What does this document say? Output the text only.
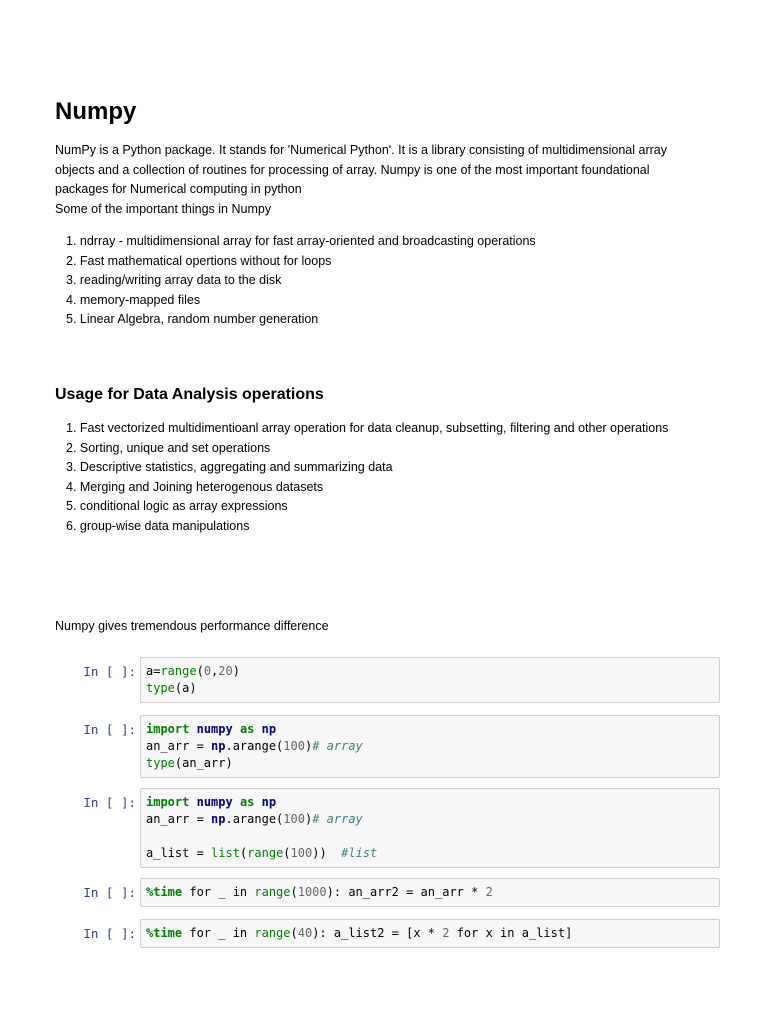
Numpy
NumPy is a Python package. It stands for 'Numerical Python'. It is a library consisting of multidimensional array
objects and a collection of routines for processing of array. Numpy is one of the most important foundational
packages for Numerical computing in python
Some of the important things in Numpy
1. ndrray - multidimensional array for fast array-oriented and broadcasting operations
2. Fast mathematical opertions without for loops
3. reading/writing array data to the disk
4. memory-mapped files
5. Linear Algebra, random number generation
Usage for Data Analysis operations
1. Fast vectorized multidimentioanl array operation for data cleanup, subsetting, filtering and other operations
2. Sorting, unique and set operations
3. Descriptive statistics, aggregating and summarizing data
4. Merging and Joining heterogenous datasets
5. conditional logic as array expressions
6. group-wise data manipulations
Numpy gives tremendous performance difference
In [ ]: a=range(0,20)
type(a)
In [ ]: import numpy as np
an_arr = np.arange(100)# array
type(an_arr)
In [ ]: import numpy as np
an_arr = np.arange(100)# array
a_list = list(range(100))  #list
In [ ]: %time for _ in range(1000): an_arr2 = an_arr * 2
In [ ]: %time for _ in range(40): a_list2 = [x * 2 for x in a_list]
